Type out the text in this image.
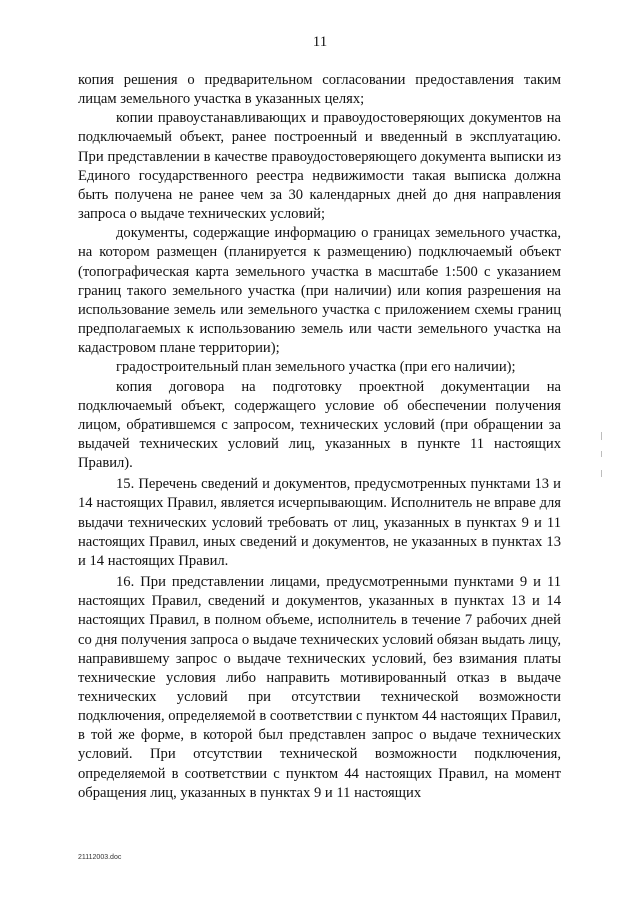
11

копия решения о предварительном согласовании предоставления таким лицам земельного участка в указанных целях;

копии правоустанавливающих и правоудостоверяющих документов на подключаемый объект, ранее построенный и введенный в эксплуатацию. При представлении в качестве правоудостоверяющего документа выписки из Единого государственного реестра недвижимости такая выписка должна быть получена не ранее чем за 30 календарных дней до дня направления запроса о выдаче технических условий;

документы, содержащие информацию о границах земельного участка, на котором размещен (планируется к размещению) подключаемый объект (топографическая карта земельного участка в масштабе 1:500 с указанием границ такого земельного участка (при наличии) или копия разрешения на использование земель или земельного участка с приложением схемы границ предполагаемых к использованию земель или части земельного участка на кадастровом плане территории);

градостроительный план земельного участка (при его наличии);

копия договора на подготовку проектной документации на подключаемый объект, содержащего условие об обеспечении получения лицом, обратившемся с запросом, технических условий (при обращении за выдачей технических условий лиц, указанных в пункте 11 настоящих Правил).

15. Перечень сведений и документов, предусмотренных пунктами 13 и 14 настоящих Правил, является исчерпывающим. Исполнитель не вправе для выдачи технических условий требовать от лиц, указанных в пунктах 9 и 11 настоящих Правил, иных сведений и документов, не указанных в пунктах 13 и 14 настоящих Правил.

16. При представлении лицами, предусмотренными пунктами 9 и 11 настоящих Правил, сведений и документов, указанных в пунктах 13 и 14 настоящих Правил, в полном объеме, исполнитель в течение 7 рабочих дней со дня получения запроса о выдаче технических условий обязан выдать лицу, направившему запрос о выдаче технических условий, без взимания платы технические условия либо направить мотивированный отказ в выдаче технических условий при отсутствии технической возможности подключения, определяемой в соответствии с пунктом 44 настоящих Правил, в той же форме, в которой был представлен запрос о выдаче технических условий. При отсутствии технической возможности подключения, определяемой в соответствии с пунктом 44 настоящих Правил, на момент обращения лиц, указанных в пунктах 9 и 11 настоящих

21112003.doc
